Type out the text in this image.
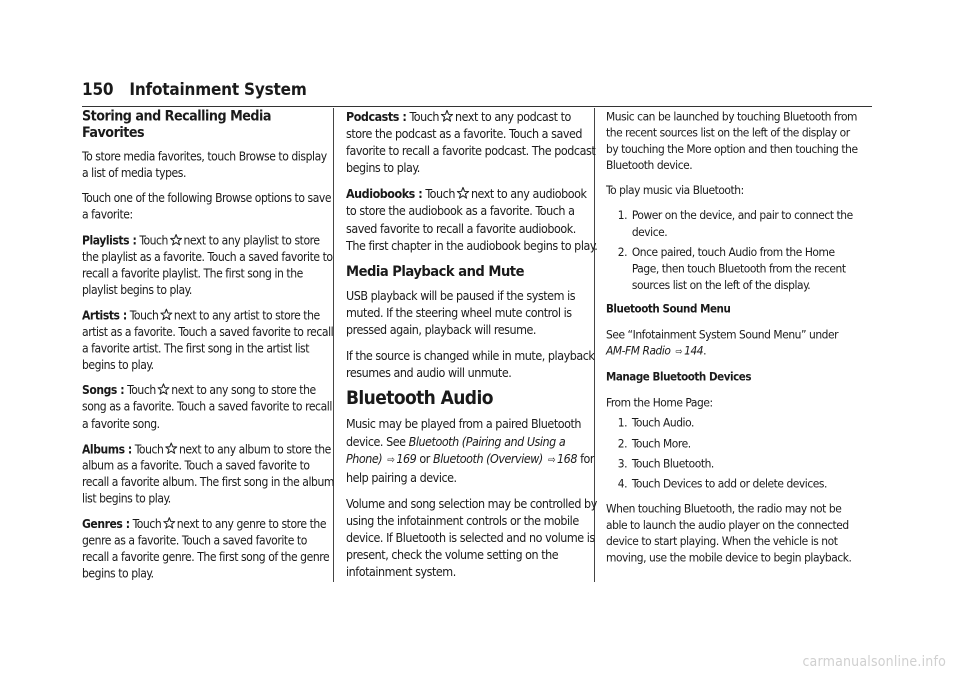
150 Infotainment System
Storing and Recalling Media Favorites

To store media favorites, touch Browse to display a list of media types.

Touch one of the following Browse options to save a favorite:

Playlists : Touch next to any playlist to store the playlist as a favorite. Touch a saved favorite to recall a favorite playlist. The first song in the playlist begins to play.

Artists : Touch next to any artist to store the artist as a favorite. Touch a saved favorite to recall a favorite artist. The first song in the artist list begins to play.

Songs : Touch next to any song to store the song as a favorite. Touch a saved favorite to recall a favorite song.

Albums : Touch next to any album to store the album as a favorite. Touch a saved favorite to recall a favorite album. The first song in the album list begins to play.

Genres : Touch next to any genre to store the genre as a favorite. Touch a saved favorite to recall a favorite genre. The first song of the genre begins to play.

Podcasts : Touch next to any podcast to store the podcast as a favorite. Touch a saved favorite to recall a favorite podcast. The podcast begins to play.

Audiobooks : Touch next to any audiobook to store the audiobook as a favorite. Touch a saved favorite to recall a favorite audiobook. The first chapter in the audiobook begins to play.

Media Playback and Mute

USB playback will be paused if the system is muted. If the steering wheel mute control is pressed again, playback will resume.

If the source is changed while in mute, playback resumes and audio will unmute.

Bluetooth Audio

Music may be played from a paired Bluetooth device. See Bluetooth (Pairing and Using a Phone) ⇨ 169 or Bluetooth (Overview) ⇨ 168 for help pairing a device.

Volume and song selection may be controlled by using the infotainment controls or the mobile device. If Bluetooth is selected and no volume is present, check the volume setting on the infotainment system.

Music can be launched by touching Bluetooth from the recent sources list on the left of the display or by touching the More option and then touching the Bluetooth device.

To play music via Bluetooth:

1. Power on the device, and pair to connect the device.
2. Once paired, touch Audio from the Home Page, then touch Bluetooth from the recent sources list on the left of the display.
Bluetooth Sound Menu

See “Infotainment System Sound Menu” under AM-FM Radio ⇨ 144.

Manage Bluetooth Devices

From the Home Page:

1. Touch Audio.
2. Touch More.
3. Touch Bluetooth.
4. Touch Devices to add or delete devices.

When touching Bluetooth, the radio may not be able to launch the audio player on the connected device to start playing. When the vehicle is not moving, use the mobile device to begin playback.

carmanualsonline.info
